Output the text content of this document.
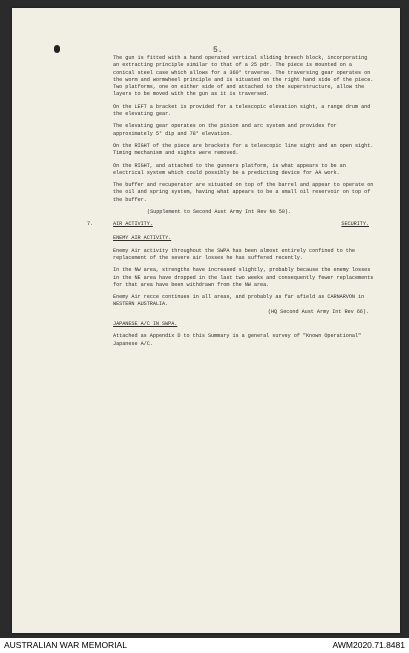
5.

The gun is fitted with a hand operated vertical sliding breech block, incorporating an extracting principle similar to that of a 25 pdr. The piece is mounted on a conical steel case which allows for a 360° traverse. The traversing gear operates on the worm and wormwheel principle and is situated on the right hand side of the piece. Two platforms, one on either side of and attached to the superstructure, allow the layers to be moved with the gun as it is traversed.

On the LEFT a bracket is provided for a telescopic elevation sight, a range drum and the elevating gear.

The elevating gear operates on the pinion and arc system and provides for approximately 5° dip and 78° elevation.

On the RIGHT of the piece are brackets for a telescopic line sight and an open sight. Timing mechanism and sights were removed.

On the RIGHT, and attached to the gunners platform, is what appears to be an electrical system which could possibly be a predicting device for AA work.

The buffer and recuperator are situated on top of the barrel and appear to operate on the oil and spring system, having what appears to be a small oil reservoir on top of the buffer.

(Supplement to Second Aust Army Int Rev No 50).

7.	AIR ACTIVITY.	SECURITY.

ENEMY AIR ACTIVITY.

Enemy Air activity throughout the SWPA has been almost entirely confined to the replacement of the severe air losses he has suffered recently.

In the NW area, strengths have increased slightly, probably because the enemy losses in the NE area have dropped in the last two weeks and consequently fewer replacements for that area have been withdrawn from the NW area.

Enemy Air recce continues in all areas, and probably as far afield as CARNARVON in WESTERN AUSTRALIA.

(HQ Second Aust Army Int Rev 66).

JAPANESE A/C IN SWPA.

Attached as Appendix D to this Summary is a general survey of "Known Operational" Japanese A/C.

AUSTRALIAN WAR MEMORIAL	AWM2020.71.8481
